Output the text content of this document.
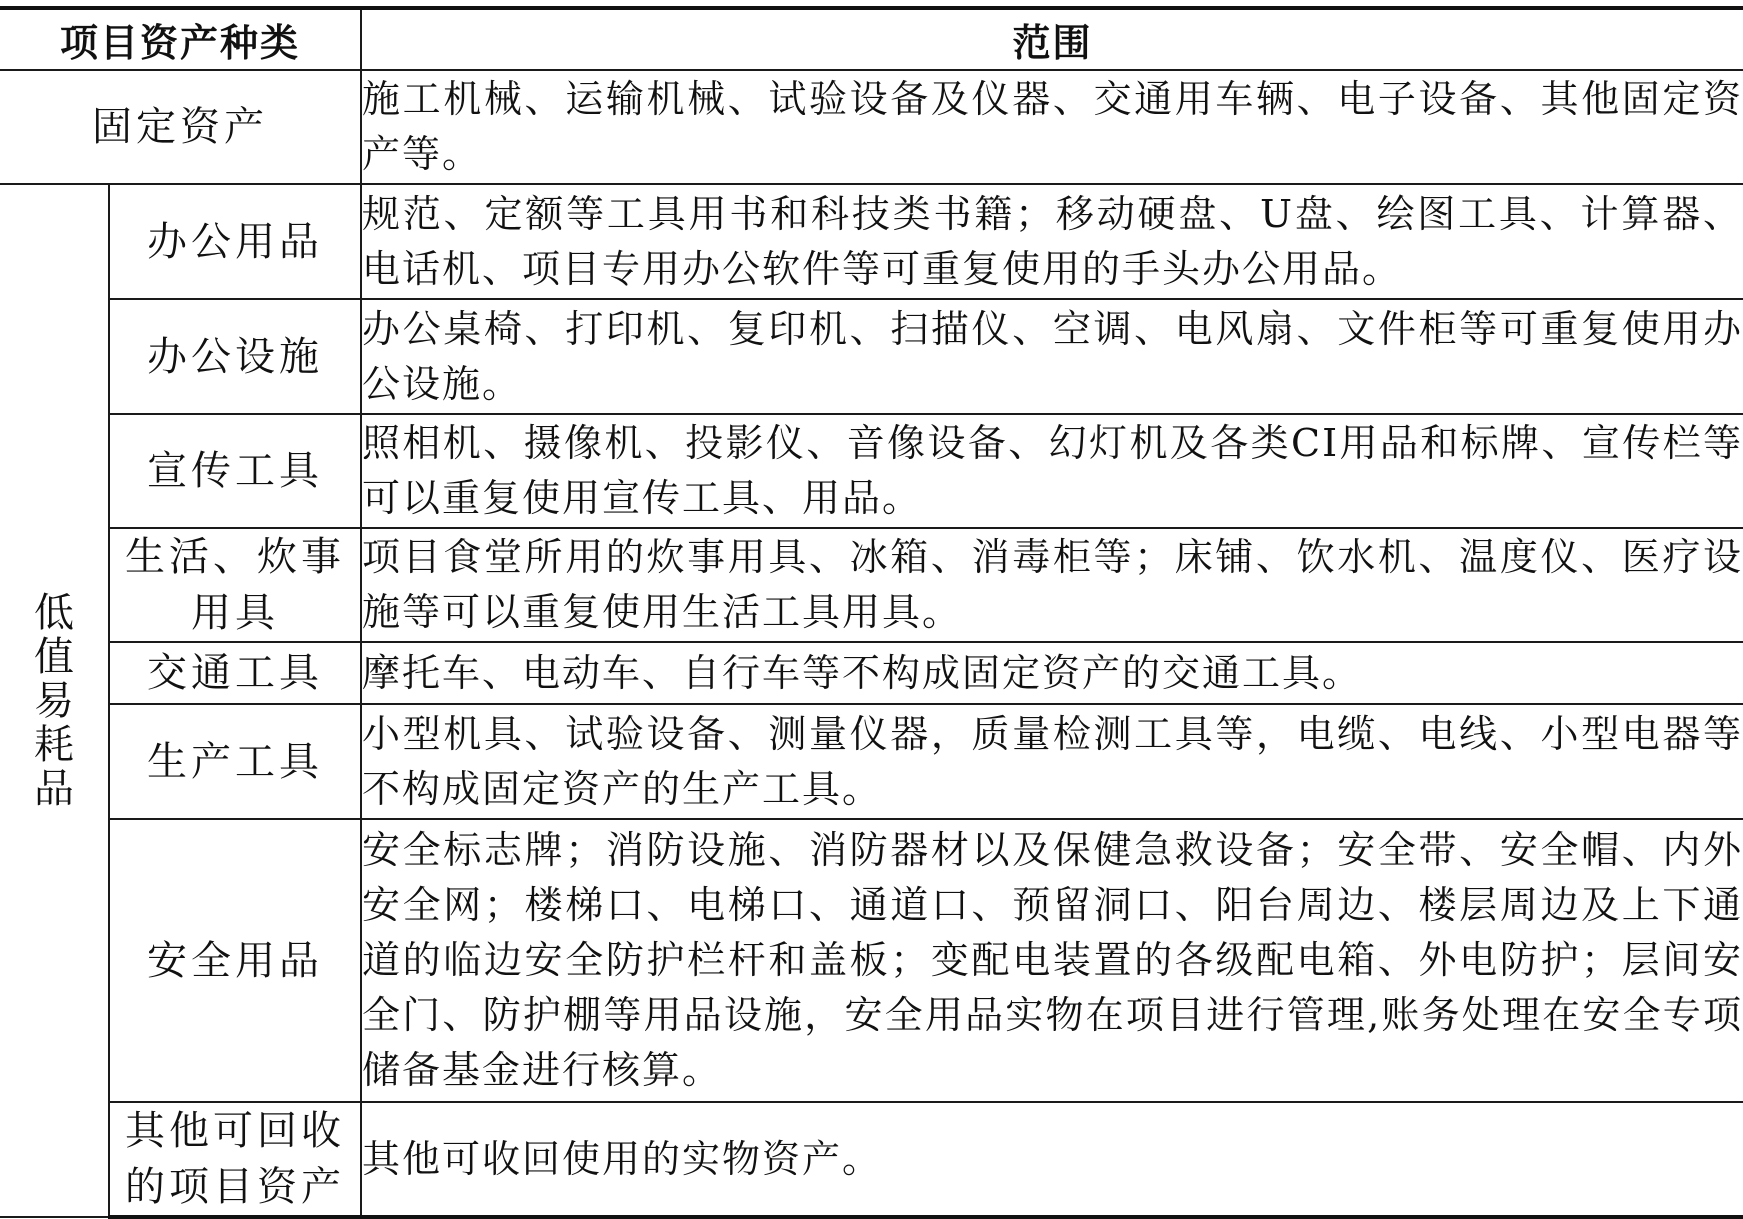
项目资产种类		范围
固定资产		施工机械、运输机械、试验设备及仪器、交通用车辆、电子设备、其他固定资产等。

低值易耗品	办公用品	规范、定额等工具用书和科技类书籍；移动硬盘、U盘、绘图工具、计算器、电话机、项目专用办公软件等可重复使用的手头办公用品。
	办公设施	办公桌椅、打印机、复印机、扫描仪、空调、电风扇、文件柜等可重复使用办公设施。
	宣传工具	照相机、摄像机、投影仪、音像设备、幻灯机及各类CI用品和标牌、宣传栏等可以重复使用宣传工具、用品。
	生活、炊事用具	项目食堂所用的炊事用具、冰箱、消毒柜等；床铺、饮水机、温度仪、医疗设施等可以重复使用生活工具用具。
	交通工具	摩托车、电动车、自行车等不构成固定资产的交通工具。
	生产工具	小型机具、试验设备、测量仪器，质量检测工具等，电缆、电线、小型电器等不构成固定资产的生产工具。
	安全用品	安全标志牌；消防设施、消防器材以及保健急救设备；安全带、安全帽、内外安全网；楼梯口、电梯口、通道口、预留洞口、阳台周边、楼层周边及上下通道的临边安全防护栏杆和盖板；变配电装置的各级配电箱、外电防护；层间安全门、防护棚等用品设施，安全用品实物在项目进行管理,账务处理在安全专项储备基金进行核算。
	其他可回收的项目资产	其他可收回使用的实物资产。
